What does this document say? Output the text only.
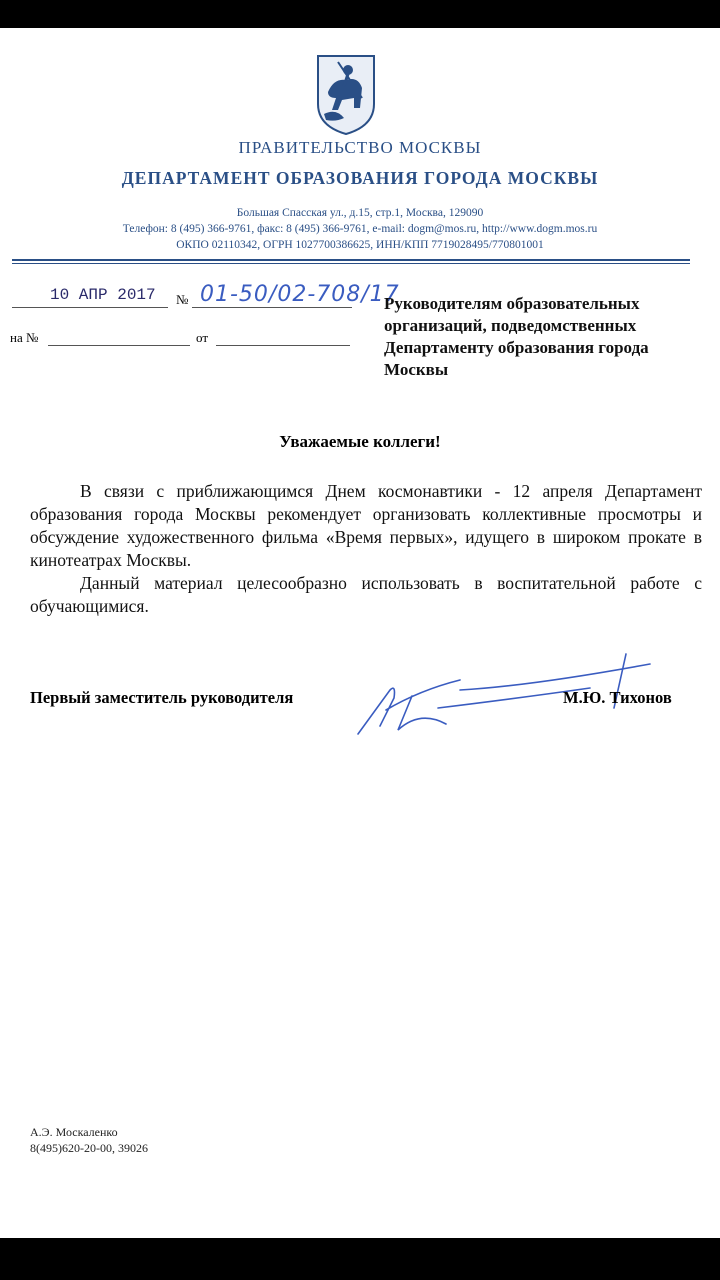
ПРАВИТЕЛЬСТВО МОСКВЫ
ДЕПАРТАМЕНТ ОБРАЗОВАНИЯ ГОРОДА МОСКВЫ
Большая Спасская ул., д.15, стр.1, Москва, 129090
Телефон: 8 (495) 366-9761, факс: 8 (495) 366-9761, e-mail: dogm@mos.ru, http://www.dogm.mos.ru
ОКПО 02110342, ОГРН 1027700386625, ИНН/КПП 7719028495/770801001
10 АПР 2017 № 01-50/02-708/17
на №	от
Руководителям образовательных организаций, подведомственных Департаменту образования города Москвы
Уважаемые коллеги!

В связи с приближающимся Днем космонавтики - 12 апреля Департамент образования города Москвы рекомендует организовать коллективные просмотры и обсуждение художественного фильма «Время первых», идущего в широком прокате в кинотеатрах Москвы.

Данный материал целесообразно использовать в воспитательной работе с обучающимися.

Первый заместитель руководителя	М.Ю. Тихонов
А.Э. Москаленко
8(495)620-20-00, 39026
